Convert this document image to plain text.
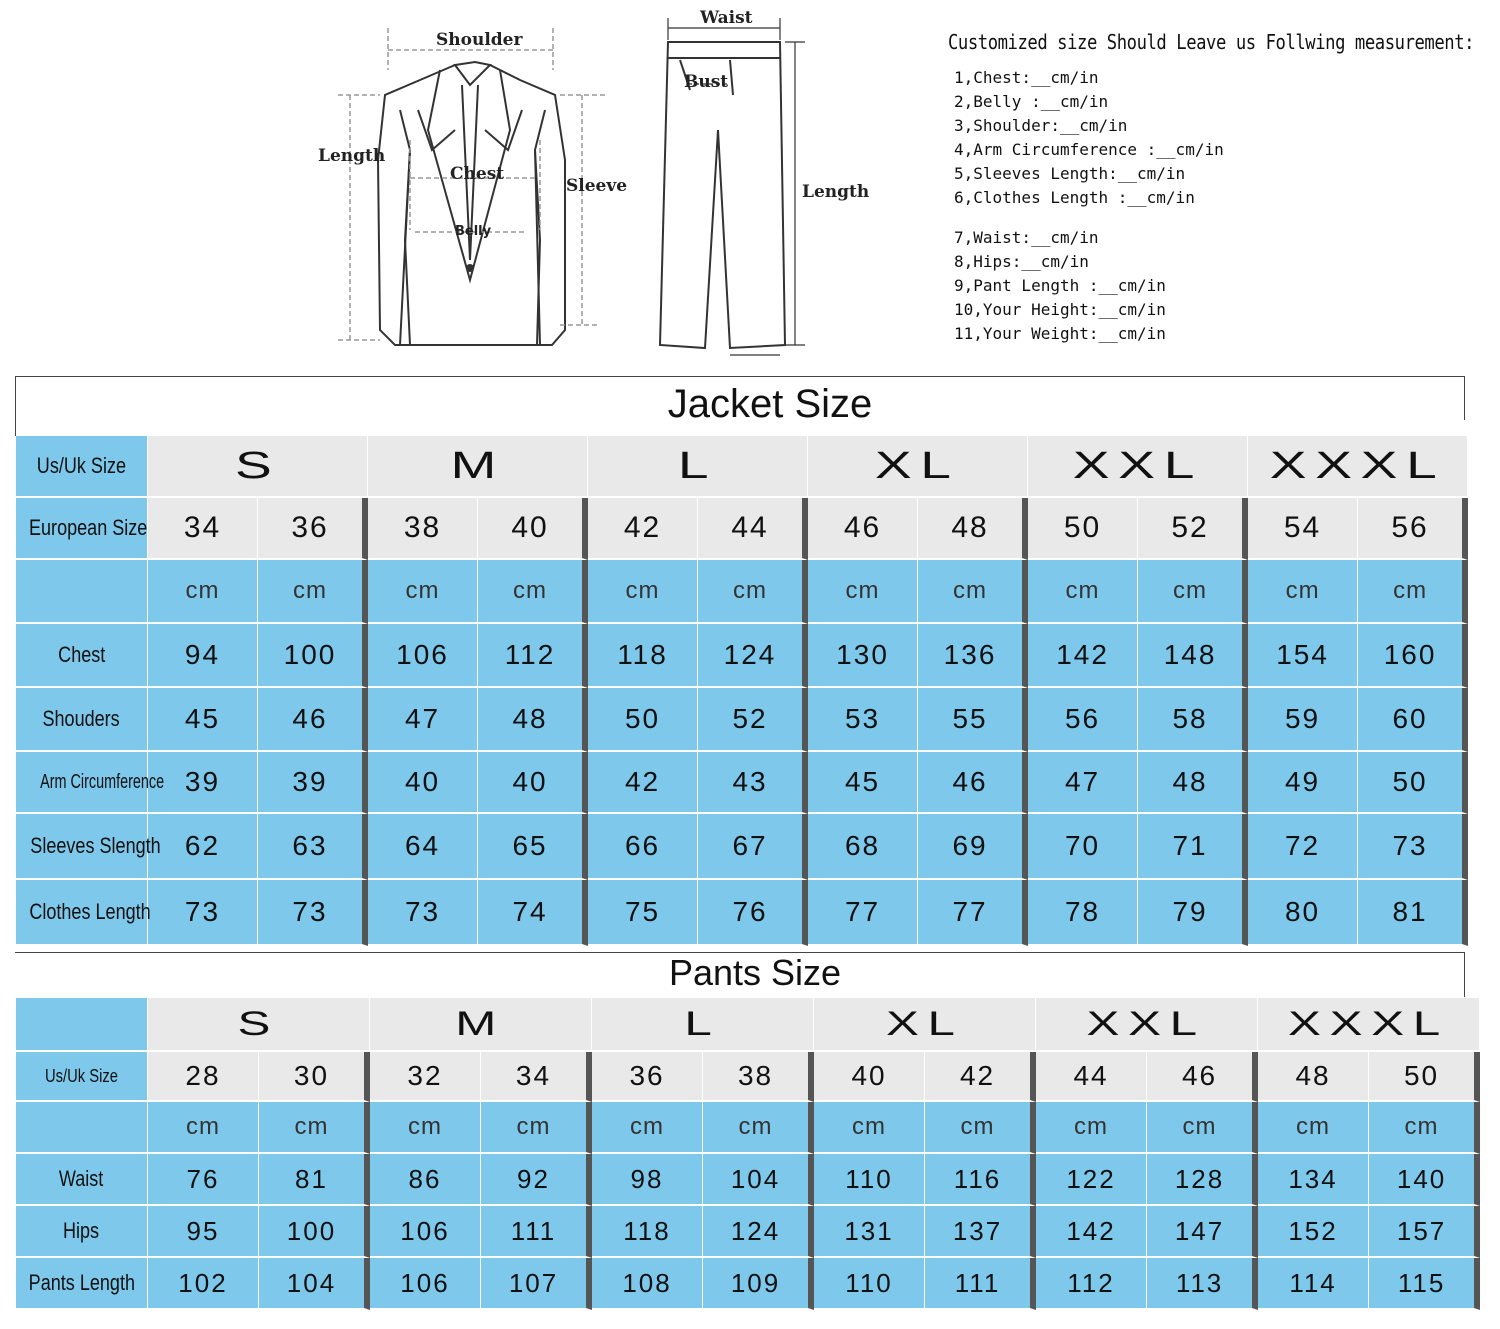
Shoulder
Length
Chest
Sleeve
Belly
Waist
Bust
Length
Customized size Should Leave us Follwing measurement:
1,Chest:__cm/in
2,Belly :__cm/in
3,Shoulder:__cm/in
4,Arm Circumference :__cm/in
5,Sleeves Length:__cm/in
6,Clothes Length :__cm/in
7,Waist:__cm/in
8,Hips:__cm/in
9,Pant Length :__cm/in
10,Your Height:__cm/in
11,Your Weight:__cm/in
Jacket Size
Us/Uk Size	S		M		L		XL		XXL		XXXL	
European Size	34	36	38	40	42	44	46	48	50	52	54	56
	cm	cm	cm	cm	cm	cm	cm	cm	cm	cm	cm	cm
Chest	94	100	106	112	118	124	130	136	142	148	154	160
Shouders	45	46	47	48	50	52	53	55	56	58	59	60
Arm Circumference	39	39	40	40	42	43	45	46	47	48	49	50
Sleeves Slength	62	63	64	65	66	67	68	69	70	71	72	73
Clothes Length	73	73	73	74	75	76	77	77	78	79	80	81
Pants Size
	S		M		L		XL		XXL		XXXL	
Us/Uk Size	28	30	32	34	36	38	40	42	44	46	48	50
	cm	cm	cm	cm	cm	cm	cm	cm	cm	cm	cm	cm
Waist	76	81	86	92	98	104	110	116	122	128	134	140
Hips	95	100	106	111	118	124	131	137	142	147	152	157
Pants Length	102	104	106	107	108	109	110	111	112	113	114	115
